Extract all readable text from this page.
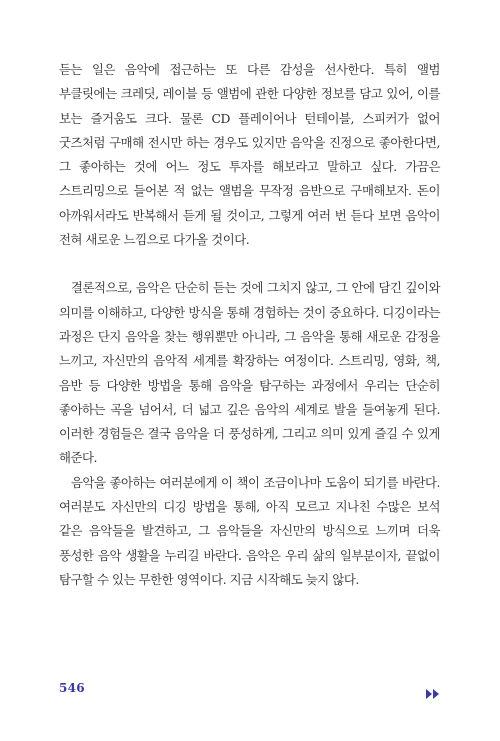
듣는 일은 음악에 접근하는 또 다른 감성을 선사한다. 특히 앨범 부클릿에는 크레딧, 레이블 등 앨범에 관한 다양한 정보를 담고 있어, 이를 보는 즐거움도 크다. 물론 CD 플레이어나 턴테이블, 스피커가 없어 굿즈처럼 구매해 전시만 하는 경우도 있지만 음악을 진정으로 좋아한다면, 그 좋아하는 것에 어느 정도 투자를 해보라고 말하고 싶다. 가끔은 스트리밍으로 들어본 적 없는 앨범을 무작정 음반으로 구매해보자. 돈이 아까워서라도 반복해서 듣게 될 것이고, 그렇게 여러 번 듣다 보면 음악이 전혀 새로운 느낌으로 다가올 것이다.

결론적으로, 음악은 단순히 듣는 것에 그치지 않고, 그 안에 담긴 깊이와 의미를 이해하고, 다양한 방식을 통해 경험하는 것이 중요하다. 디깅이라는 과정은 단지 음악을 찾는 행위뿐만 아니라, 그 음악을 통해 새로운 감정을 느끼고, 자신만의 음악적 세계를 확장하는 여정이다. 스트리밍, 영화, 책, 음반 등 다양한 방법을 통해 음악을 탐구하는 과정에서 우리는 단순히 좋아하는 곡을 넘어서, 더 넓고 깊은 음악의 세계로 발을 들여놓게 된다. 이러한 경험들은 결국 음악을 더 풍성하게, 그리고 의미 있게 즐길 수 있게 해준다.

음악을 좋아하는 여러분에게 이 책이 조금이나마 도움이 되기를 바란다. 여러분도 자신만의 디깅 방법을 통해, 아직 모르고 지나친 수많은 보석 같은 음악들을 발견하고, 그 음악들을 자신만의 방식으로 느끼며 더욱 풍성한 음악 생활을 누리길 바란다. 음악은 우리 삶의 일부분이자, 끝없이 탐구할 수 있는 무한한 영역이다. 지금 시작해도 늦지 않다.

546
